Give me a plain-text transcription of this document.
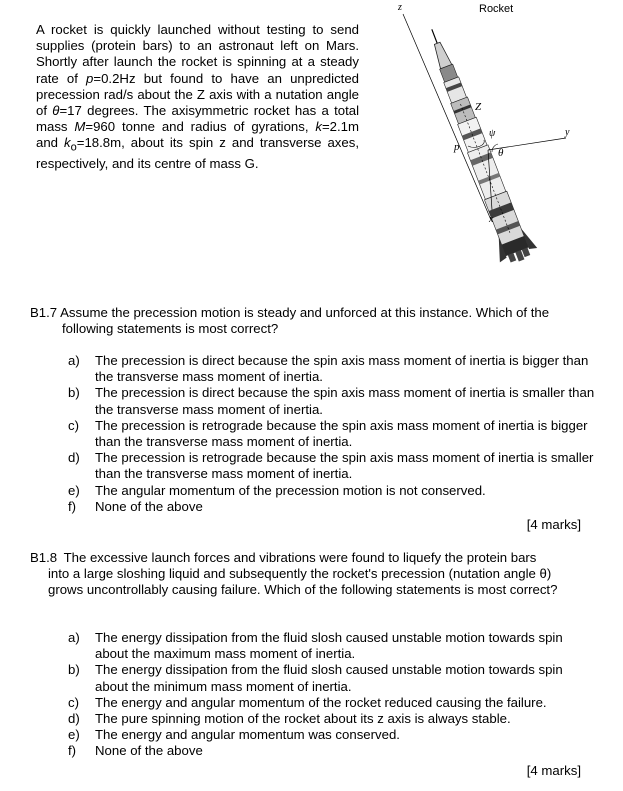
A rocket is quickly launched without testing to send supplies (protein bars) to an astronaut left on Mars. Shortly after launch the rocket is spinning at a steady rate of p=0.2Hz but found to have an unpredicted precession rad/s about the Z axis with a nutation angle of θ=17 degrees. The axisymmetric rocket has a total mass M=960 tonne and radius of gyrations, k=2.1m and $k_o=18.8m$, about its spin z and transverse axes, respectively, and its centre of mass G.
Rocket
z
y
x
Z
ψ
θ
p
B1.7 Assume the precession motion is steady and unforced at this instance. Which of the
following statements is most correct?
a) The precession is direct because the spin axis mass moment of inertia is bigger than the transverse mass moment of inertia.
b) The precession is direct because the spin axis mass moment of inertia is smaller than the transverse mass moment of inertia.
c) The precession is retrograde because the spin axis mass moment of inertia is bigger than the transverse mass moment of inertia.
d) The precession is retrograde because the spin axis mass moment of inertia is smaller than the transverse mass moment of inertia.
e) The angular momentum of the precession motion is not conserved.
f) None of the above
[4 marks]
B1.8 The excessive launch forces and vibrations were found to liquefy the protein bars
into a large sloshing liquid and subsequently the rocket's precession (nutation angle θ)
grows uncontrollably causing failure. Which of the following statements is most correct?
a) The energy dissipation from the fluid slosh caused unstable motion towards spin about the maximum mass moment of inertia.
b) The energy dissipation from the fluid slosh caused unstable motion towards spin about the minimum mass moment of inertia.
c) The energy and angular momentum of the rocket reduced causing the failure.
d) The pure spinning motion of the rocket about its z axis is always stable.
e) The energy and angular momentum was conserved.
f) None of the above
[4 marks]
